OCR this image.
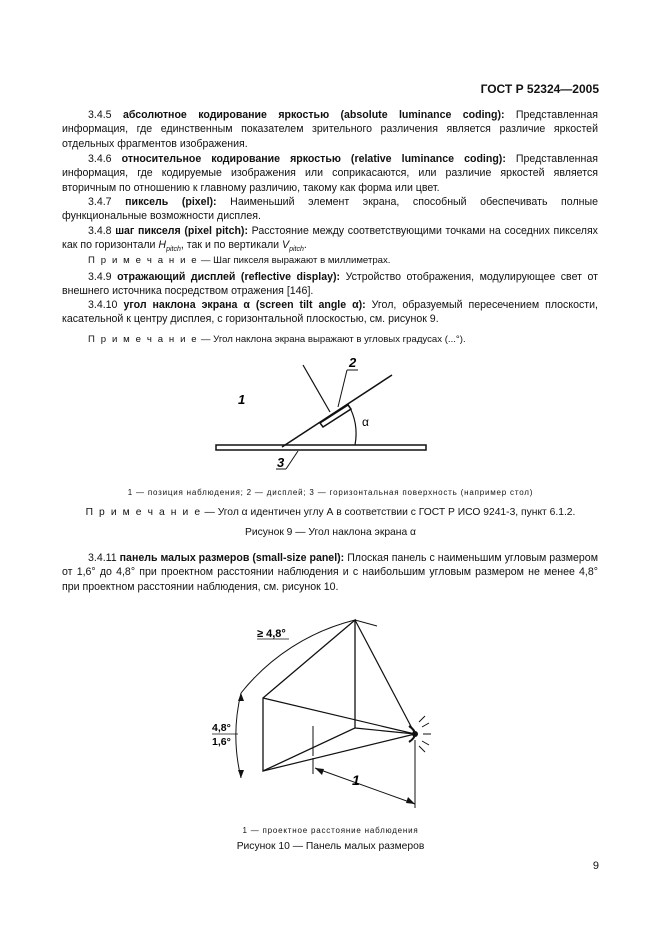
ГОСТ Р 52324—2005
3.4.5 абсолютное кодирование яркостью (absolute luminance coding): Представленная информация, где единственным показателем зрительного различения является различие яркостей отдельных фрагментов изображения.
3.4.6 относительное кодирование яркостью (relative luminance coding): Представленная информация, где кодируемые изображения или соприкасаются, или различие яркостей является вторичным по отношению к главному различию, такому как форма или цвет.
3.4.7 пиксель (pixel): Наименьший элемент экрана, способный обеспечивать полные функциональные возможности дисплея.
3.4.8 шаг пикселя (pixel pitch): Расстояние между соответствующими точками на соседних пикселях как по горизонтали $H_{pitch}$, так и по вертикали $V_{pitch}$.
П р и м е ч а н и е — Шаг пикселя выражают в миллиметрах.
3.4.9 отражающий дисплей (reflective display): Устройство отображения, модулирующее свет от внешнего источника посредством отражения [146].
3.4.10 угол наклона экрана α (screen tilt angle α): Угол, образуемый пересечением плоскости, касательной к центру дисплея, с горизонтальной плоскостью, см. рисунок 9.
П р и м е ч а н и е — Угол наклона экрана выражают в угловых градусах (...°).
1
2
3
α
1 — позиция наблюдения; 2 — дисплей; 3 — горизонтальная поверхность (например стол)
П р и м е ч а н и е — Угол α идентичен углу А в соответствии с ГОСТ Р ИСО 9241-3, пункт 6.1.2.
Рисунок 9 — Угол наклона экрана α
3.4.11 панель малых размеров (small-size panel): Плоская панель с наименьшим угловым размером от 1,6° до 4,8° при проектном расстоянии наблюдения и с наибольшим угловым размером не менее 4,8° при проектном расстоянии наблюдения, см. рисунок 10.
≥ 4,8°
4,8°
1,6°
1
1 — проектное расстояние наблюдения
Рисунок 10 — Панель малых размеров
9
